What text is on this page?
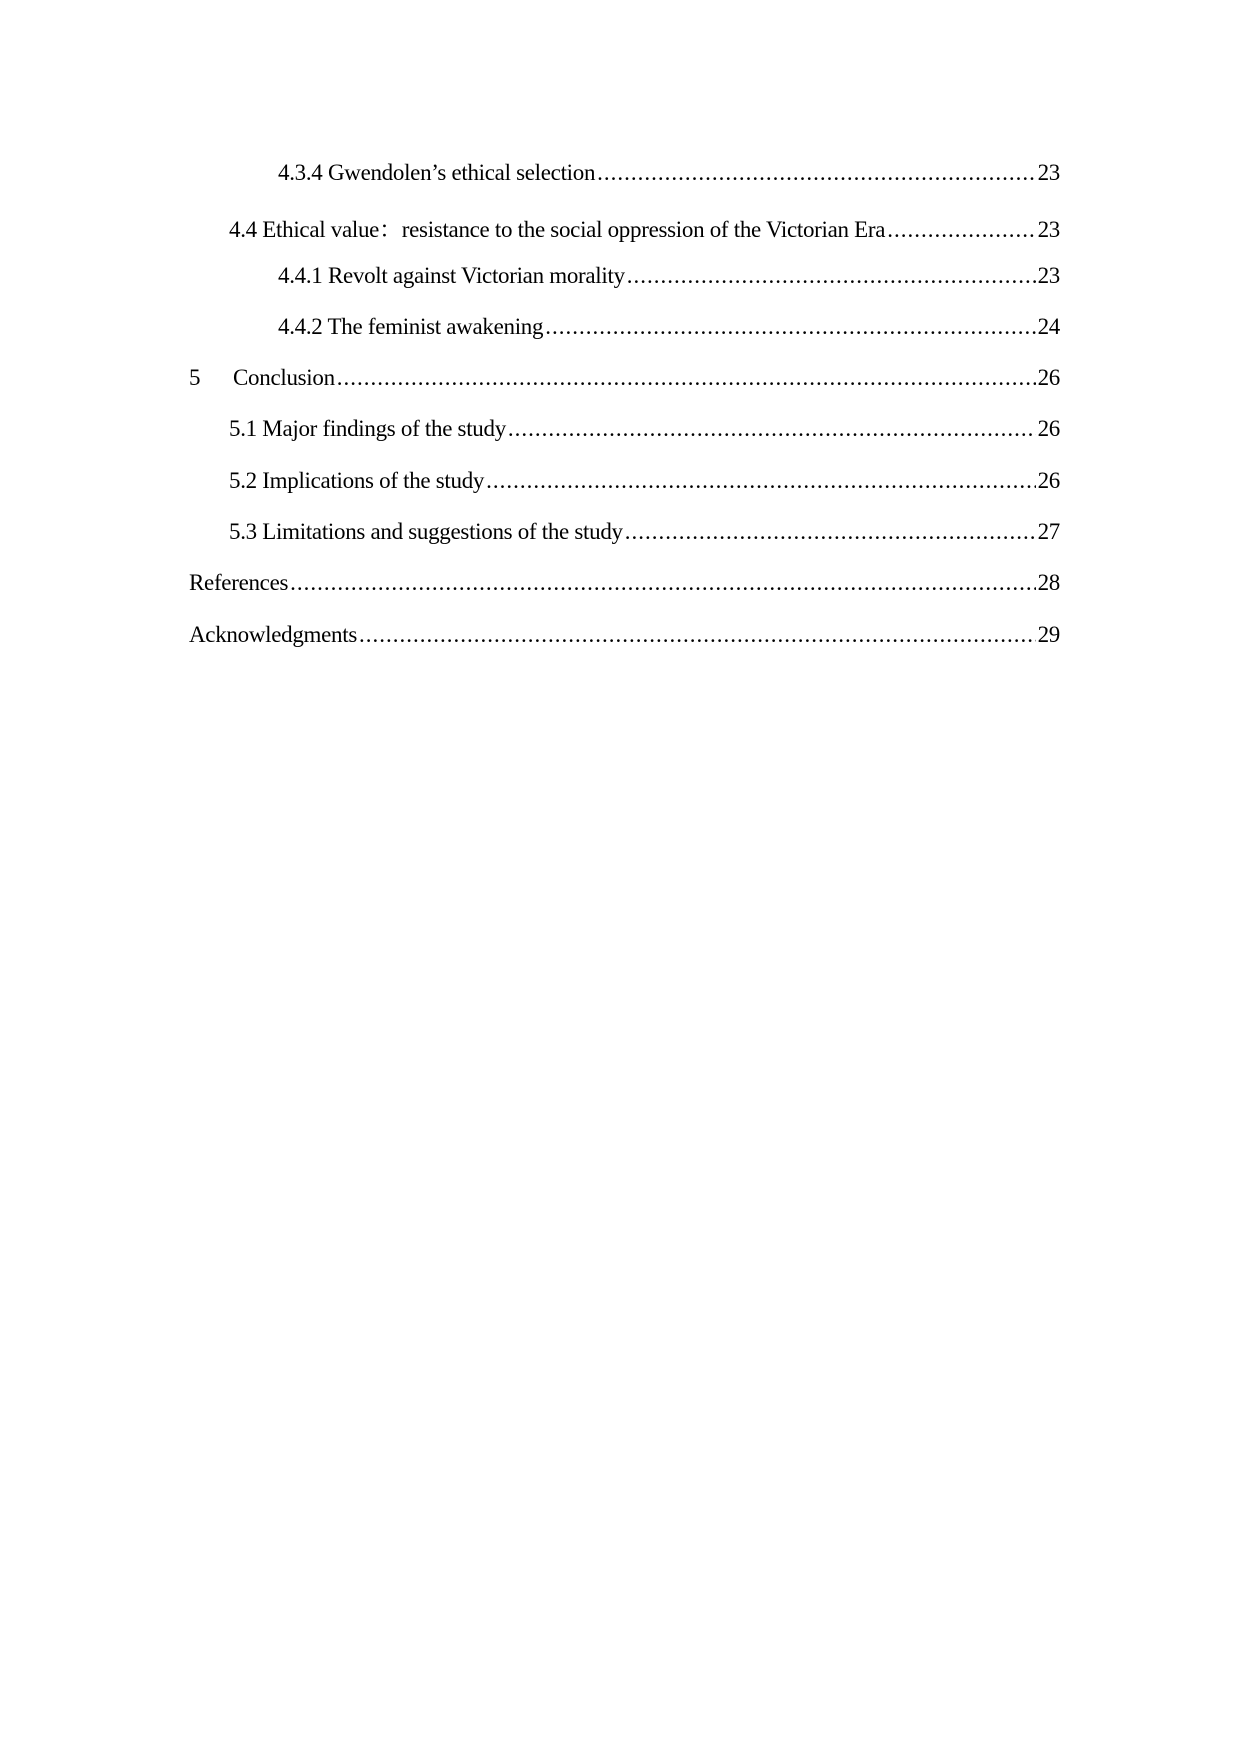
4.3.4 Gwendolen’s ethical selection .....	23
4.4 Ethical value：resistance to the social oppression of the Victorian Era .....	23
4.4.1 Revolt against Victorian morality .....	23
4.4.2 The feminist awakening .....	24
5	Conclusion .....	26
5.1 Major findings of the study .....	26
5.2 Implications of the study .....	26
5.3 Limitations and suggestions of the study .....	27
References .....	28
Acknowledgments .....	29
